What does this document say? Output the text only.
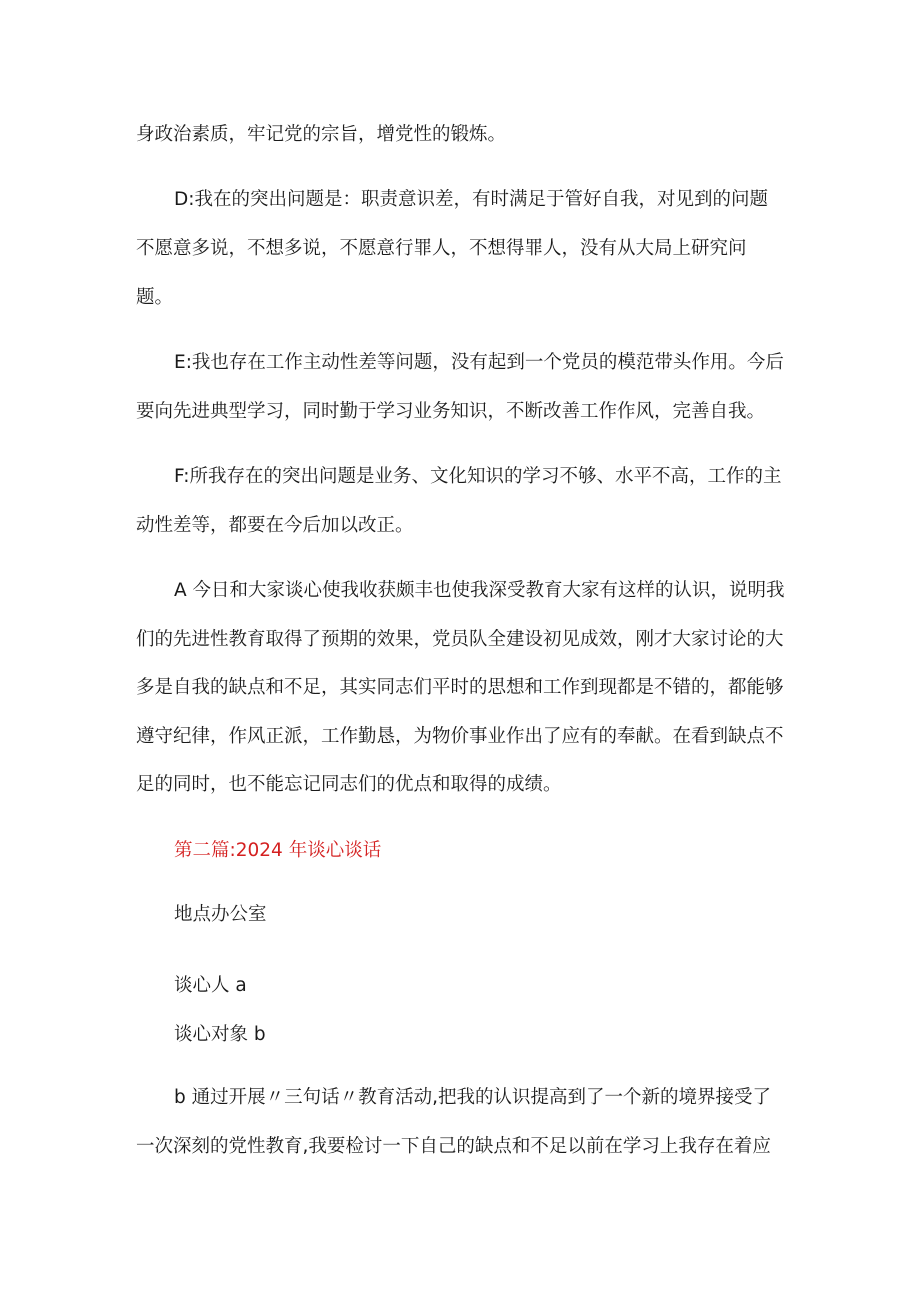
身政治素质，牢记党的宗旨，增党性的锻炼。
D:我在的突出问题是：职责意识差，有时满足于管好自我，对见到的问题
不愿意多说，不想多说，不愿意行罪人，不想得罪人，没有从大局上研究问
题。
E:我也存在工作主动性差等问题，没有起到一个党员的模范带头作用。今后
要向先进典型学习，同时勤于学习业务知识，不断改善工作作风，完善自我。
F:所我存在的突出问题是业务、文化知识的学习不够、水平不高，工作的主
动性差等，都要在今后加以改正。
A 今日和大家谈心使我收获颇丰也使我深受教育大家有这样的认识，说明我
们的先进性教育取得了预期的效果，党员队全建设初见成效，刚才大家讨论的大
多是自我的缺点和不足，其实同志们平时的思想和工作到现都是不错的，都能够
遵守纪律，作风正派，工作勤恳，为物价事业作出了应有的奉献。在看到缺点不
足的同时，也不能忘记同志们的优点和取得的成绩。
第二篇:2024 年谈心谈话
地点办公室
谈心人 a
谈心对象 b
b 通过开展〃三句话〃教育活动,把我的认识提高到了一个新的境界接受了
一次深刻的党性教育,我要检讨一下自己的缺点和不足以前在学习上我存在着应
